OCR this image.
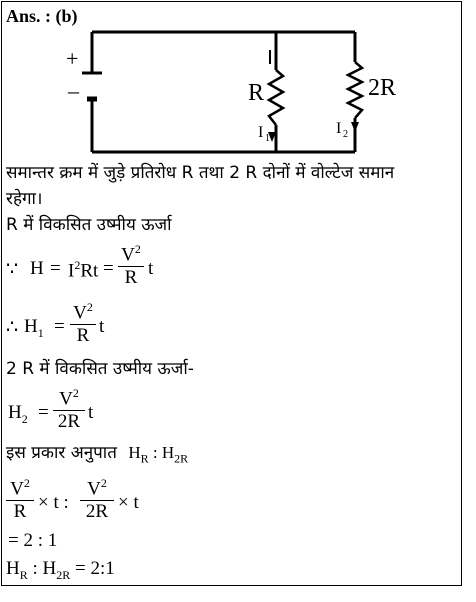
Ans. : (b)
+
–	R	2R
I 1
I 2
समान्तर क्रम में जुड़े प्रतिरोध R तथा 2 R दोनों में वोल्टेज समान
रहेगा।
R में विकसित उष्मीय ऊर्जा
∵ $H = I^2Rt$ =
$V^2$
R t
∴ $H_1$ =
$V^2$
R t
2 R में विकसित उष्मीय ऊर्जा-
$H_2$ =
$V^2$
2R t
इस प्रकार अनुपात $H_R$ : $H_{2R}$
$V^2$
R × t :
$V^2$
2R × t
= 2 : 1
$H_R$ : $H_{2R}$ = 2:1
